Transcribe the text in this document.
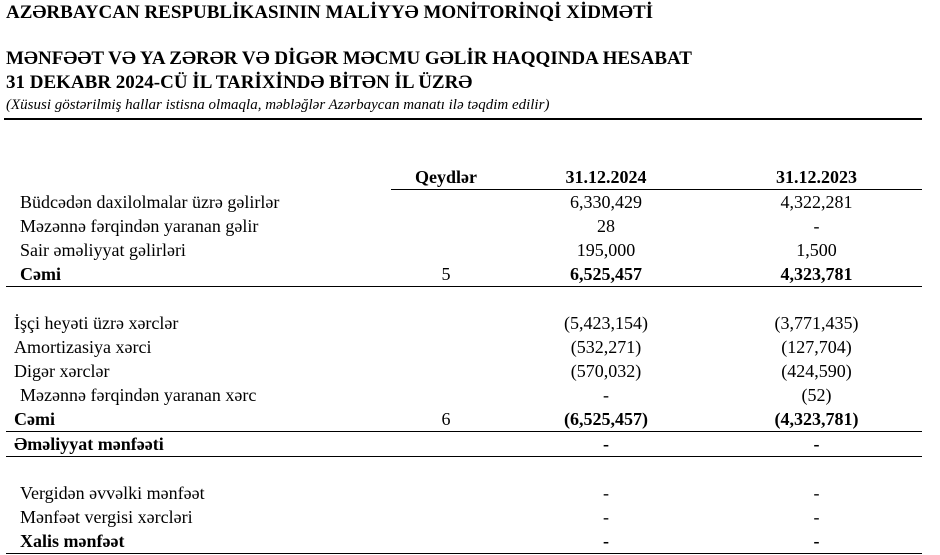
AZƏRBAYCAN RESPUBLİKASININ MALİYYƏ MONİTORİNQİ XİDMƏTİ
MƏNFƏƏT VƏ YA ZƏRƏR VƏ DİGƏR MƏCMU GƏLİR HAQQINDA HESABAT
31 DEKABR 2024-CÜ İL TARİXİNDƏ BİTƏN İL ÜZRƏ
(Xüsusi göstərilmiş hallar istisna olmaqla, məbləğlər Azərbaycan manatı ilə təqdim edilir)
	Qeydlər	31.12.2024	31.12.2023
Büdcədən daxilolmalar üzrə gəlirlər		6,330,429	4,322,281
Məzənnə fərqindən yaranan gəlir		28	-
Sair əməliyyat gəlirləri		195,000	1,500
Cəmi	5	6,525,457	4,323,781

İşçi heyəti üzrə xərclər		(5,423,154)	(3,771,435)
Amortizasiya xərci		(532,271)	(127,704)
Digər xərclər		(570,032)	(424,590)
Məzənnə fərqindən yaranan xərc		-	(52)
Cəmi	6	(6,525,457)	(4,323,781)
Əməliyyat mənfəəti		-	-

Vergidən əvvəlki mənfəət		-	-
Mənfəət vergisi xərcləri		-	-
Xalis mənfəət		-	-
